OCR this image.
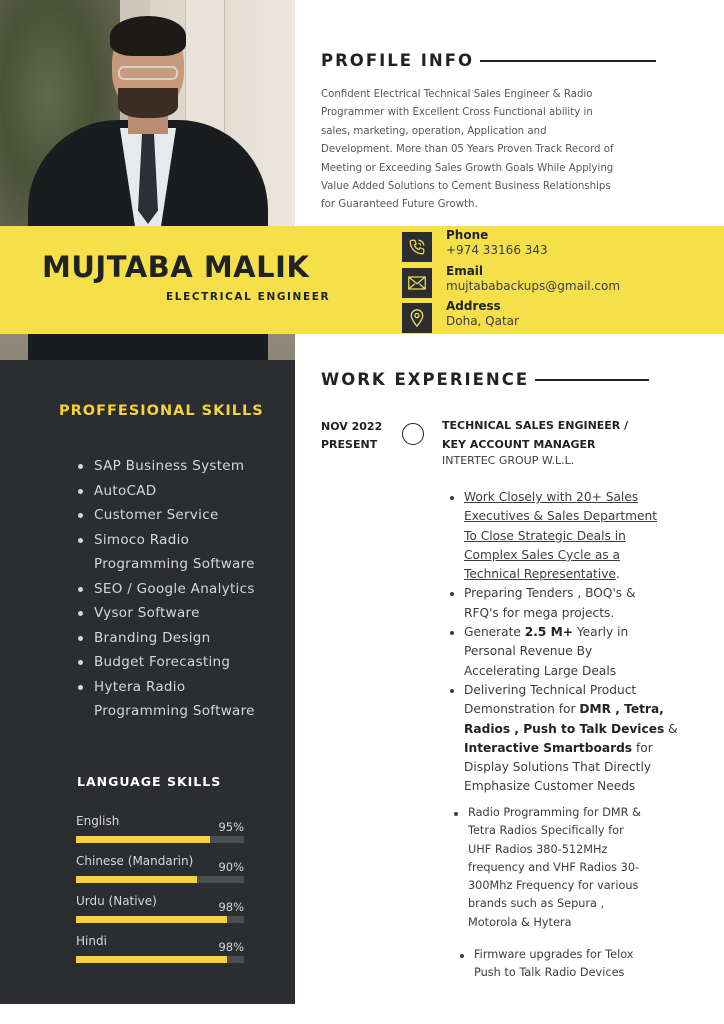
MUJTABA MALIK
ELECTRICAL ENGINEER
Phone
+974 33166 343
Email
mujtababackups@gmail.com
Address
Doha, Qatar
PROFILE INFO
Confident Electrical Technical Sales Engineer & Radio
Programmer with Excellent Cross Functional ability in
sales, marketing, operation, Application and
Development. More than 05 Years Proven Track Record of
Meeting or Exceeding Sales Growth Goals While Applying
Value Added Solutions to Cement Business Relationships
for Guaranteed Future Growth.
PROFFESIONAL SKILLS
SAP Business System
AutoCAD
Customer Service
Simoco Radio Programming Software
SEO / Google Analytics
Vysor Software
Branding Design
Budget Forecasting
Hytera Radio Programming Software
LANGUAGE SKILLS
English	95%
Chinese (Mandarin) 90%
Urdu (Native)	98%
Hindi	98%
WORK EXPERIENCE
NOV 2022
PRESENT
TECHNICAL SALES ENGINEER /
KEY ACCOUNT MANAGER
INTERTEC GROUP W.L.L.
Work Closely with 20+ Sales
Executives & Sales Department
To Close Strategic Deals in
Complex Sales Cycle as a
Technical Representative.
Preparing Tenders , BOQ's &
RFQ's for mega projects.
Generate 2.5 M+ Yearly in
Personal Revenue By
Accelerating Large Deals
Delivering Technical Product
Demonstration for DMR , Tetra,
Radios , Push to Talk Devices &
Interactive Smartboards for
Display Solutions That Directly
Emphasize Customer Needs
Radio Programming for DMR &
Tetra Radios Specifically for
UHF Radios 380-512MHz
frequency and VHF Radios 30-
300Mhz Frequency for various
brands such as Sepura ,
Motorola & Hytera
Firmware upgrades for Telox
Push to Talk Radio Devices
